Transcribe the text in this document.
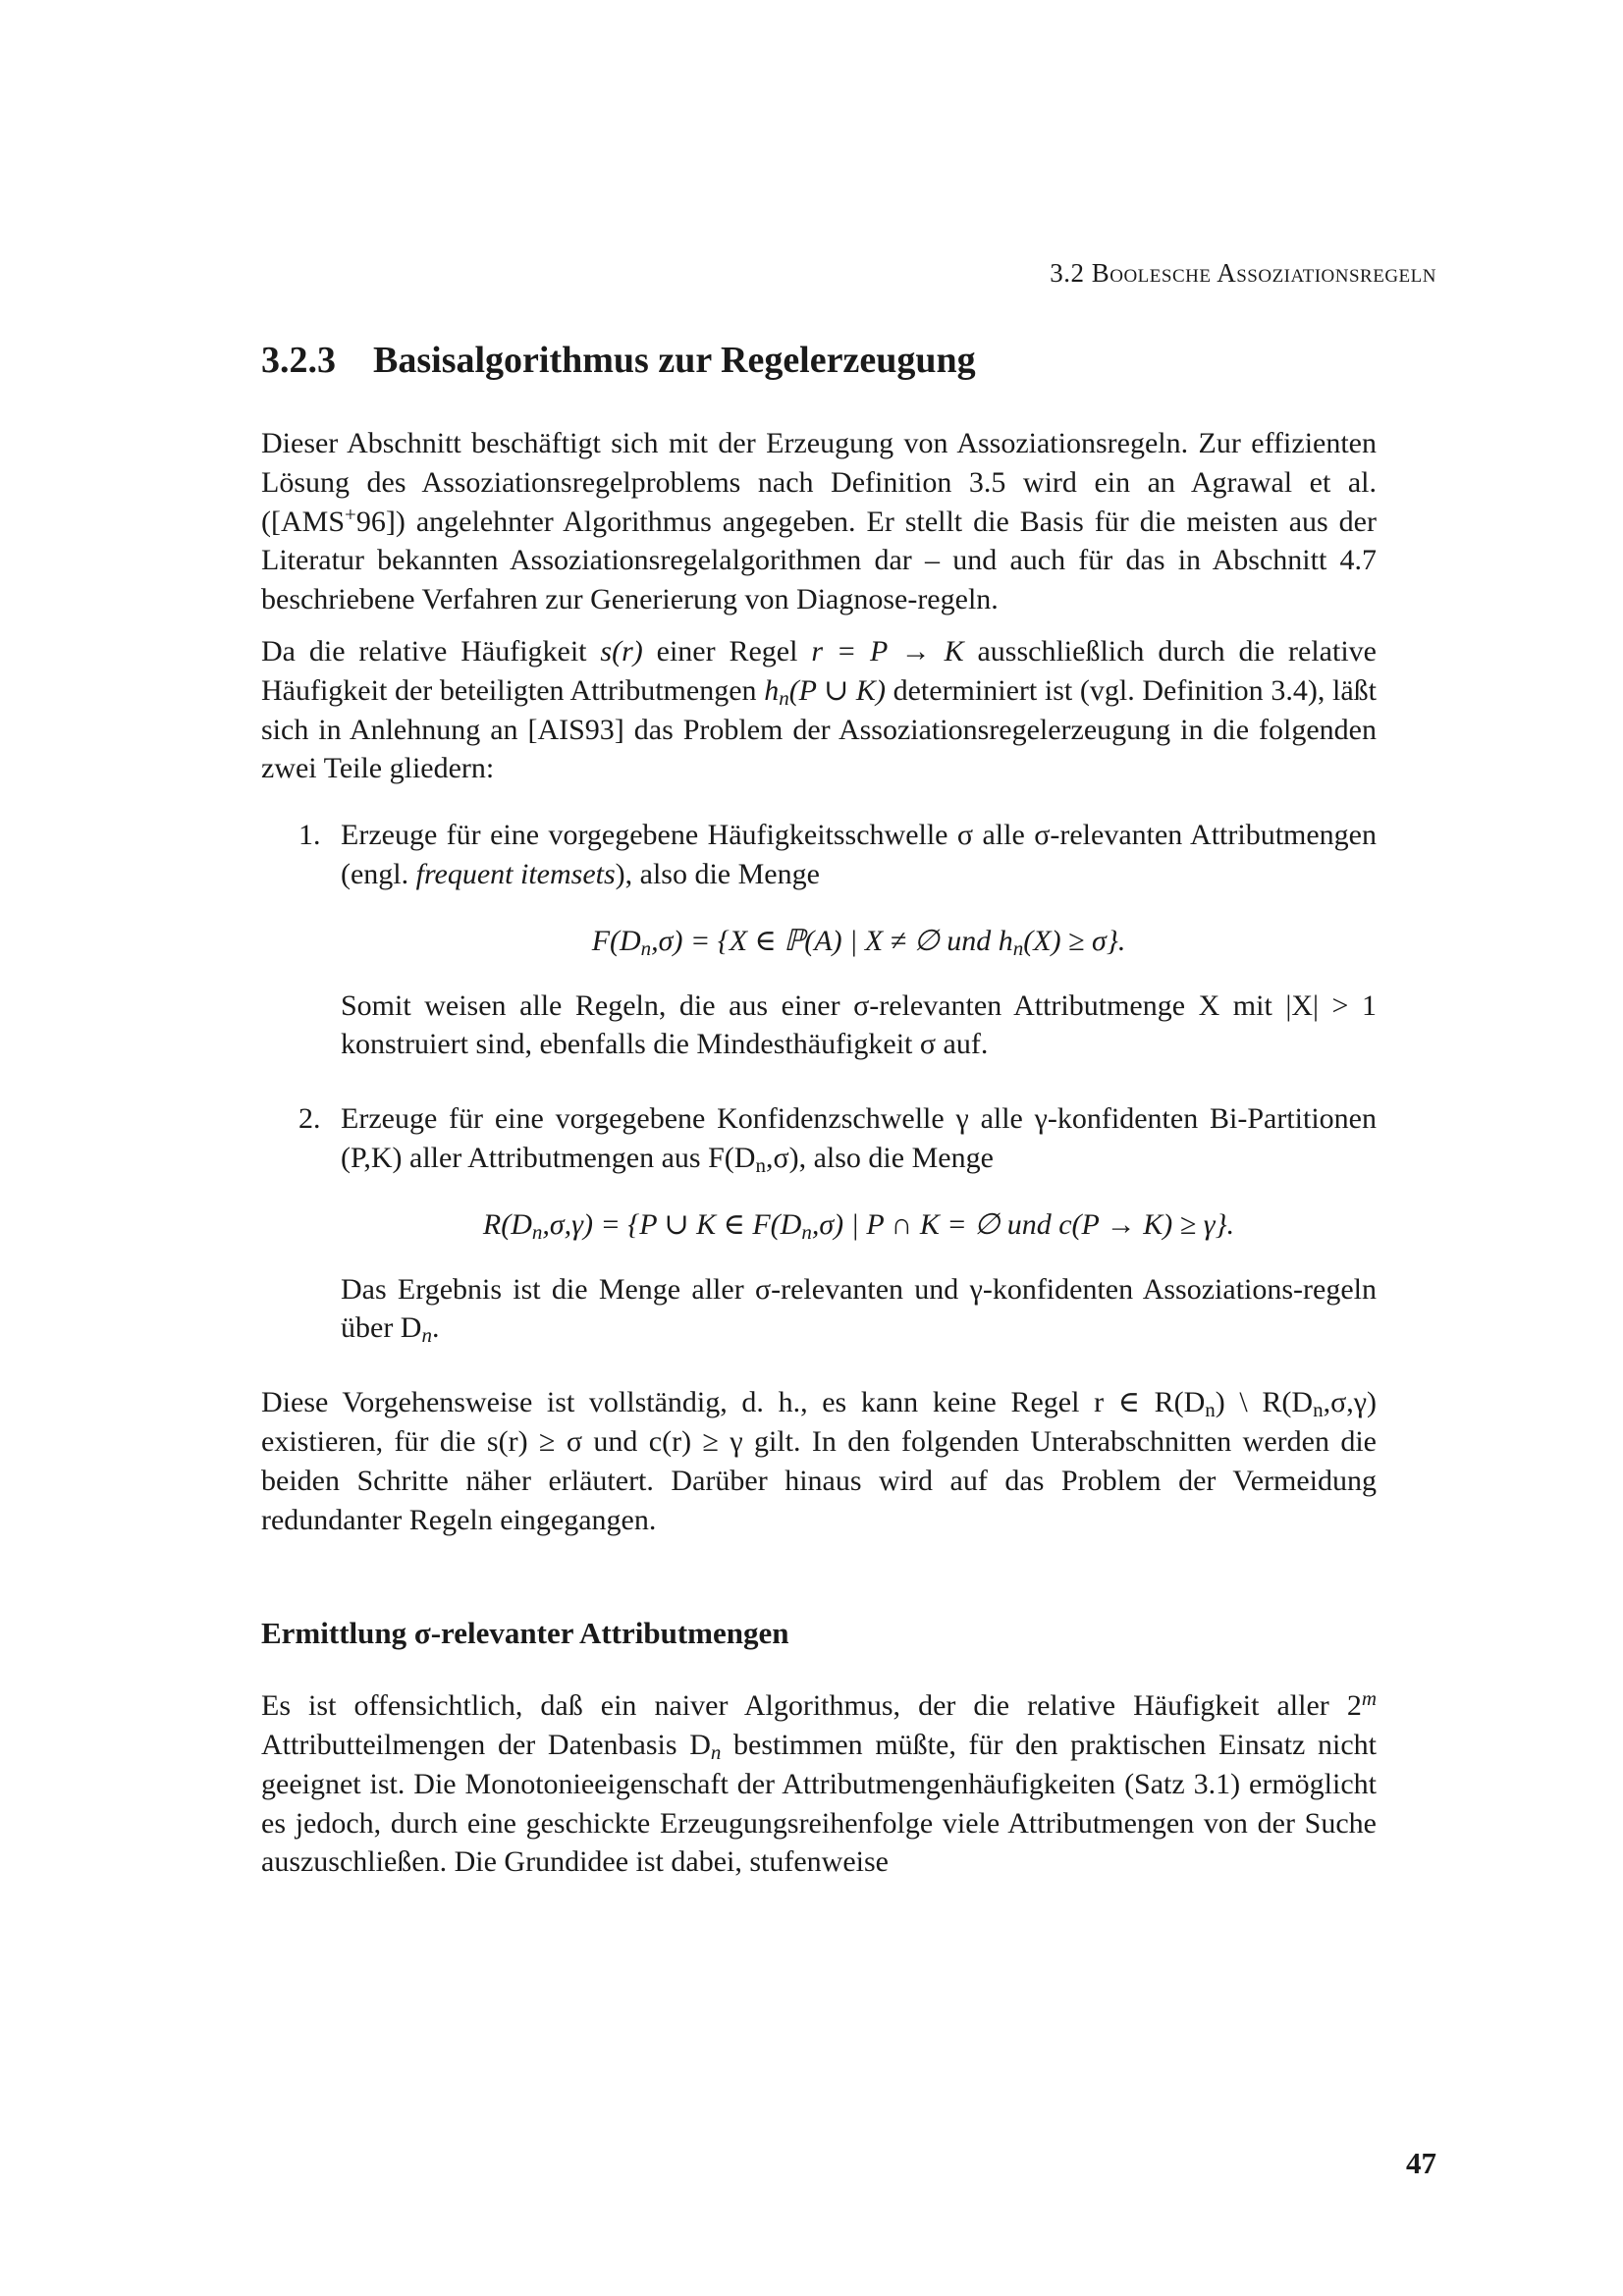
3.2 Boolesche Assoziationsregeln
3.2.3 Basisalgorithmus zur Regelerzeugung

Dieser Abschnitt beschäftigt sich mit der Erzeugung von Assoziationsregeln. Zur effizienten Lösung des Assoziationsregelproblems nach Definition 3.5 wird ein an Agrawal et al. ([AMS+96]) angelehnter Algorithmus angegeben. Er stellt die Basis für die meisten aus der Literatur bekannten Assoziationsregelalgorithmen dar – und auch für das in Abschnitt 4.7 beschriebene Verfahren zur Generierung von Diagnose-regeln.

Da die relative Häufigkeit s(r) einer Regel r = P → K ausschließlich durch die relative Häufigkeit der beteiligten Attributmengen $h_n(P$ ∪ K) determiniert ist (vgl. Definition 3.4), läßt sich in Anlehnung an [AIS93] das Problem der Assoziationsregelerzeugung in die folgenden zwei Teile gliedern:

1. Erzeuge für eine vorgegebene Häufigkeitsschwelle σ alle σ-relevanten Attributmengen (engl. frequent itemsets), also die Menge

$F(D_n,\sigma) = \{X$ ∈ ℙ(A) | X ≠ ∅ und $h_n(X) \ge \sigma$}.

Somit weisen alle Regeln, die aus einer σ-relevanten Attributmenge X mit |X| > 1 konstruiert sind, ebenfalls die Mindesthäufigkeit σ auf.

2. Erzeuge für eine vorgegebene Konfidenzschwelle γ alle γ-konfidenten Bi-Partitionen (P,K) aller Attributmengen aus $F(D_n,\sigma)$, also die Menge

$R(D_n,\sigma,\gamma) = \{P$ ∪ K ∈ $F(D_n,\sigma)$ | P ∩ K = ∅ und c(P → K) ≥ γ}.

Das Ergebnis ist die Menge aller σ-relevanten und γ-konfidenten Assoziations-regeln über $D_n$.

Diese Vorgehensweise ist vollständig, d. h., es kann keine Regel r ∈ $R(D_n)$ \ $R(D_n,\sigma,\gamma)$ existieren, für die s(r) ≥ σ und c(r) ≥ γ gilt. In den folgenden Unterabschnitten werden die beiden Schritte näher erläutert. Darüber hinaus wird auf das Problem der Vermeidung redundanter Regeln eingegangen.

Ermittlung σ-relevanter Attributmengen

Es ist offensichtlich, daß ein naiver Algorithmus, der die relative Häufigkeit aller 2$^m$ Attributteilmengen der Datenbasis $D_n$ bestimmen müßte, für den praktischen Einsatz nicht geeignet ist. Die Monotonieeigenschaft der Attributmengenhäufigkeiten (Satz 3.1) ermöglicht es jedoch, durch eine geschickte Erzeugungsreihenfolge viele Attributmengen von der Suche auszuschließen. Die Grundidee ist dabei, stufenweise

47
